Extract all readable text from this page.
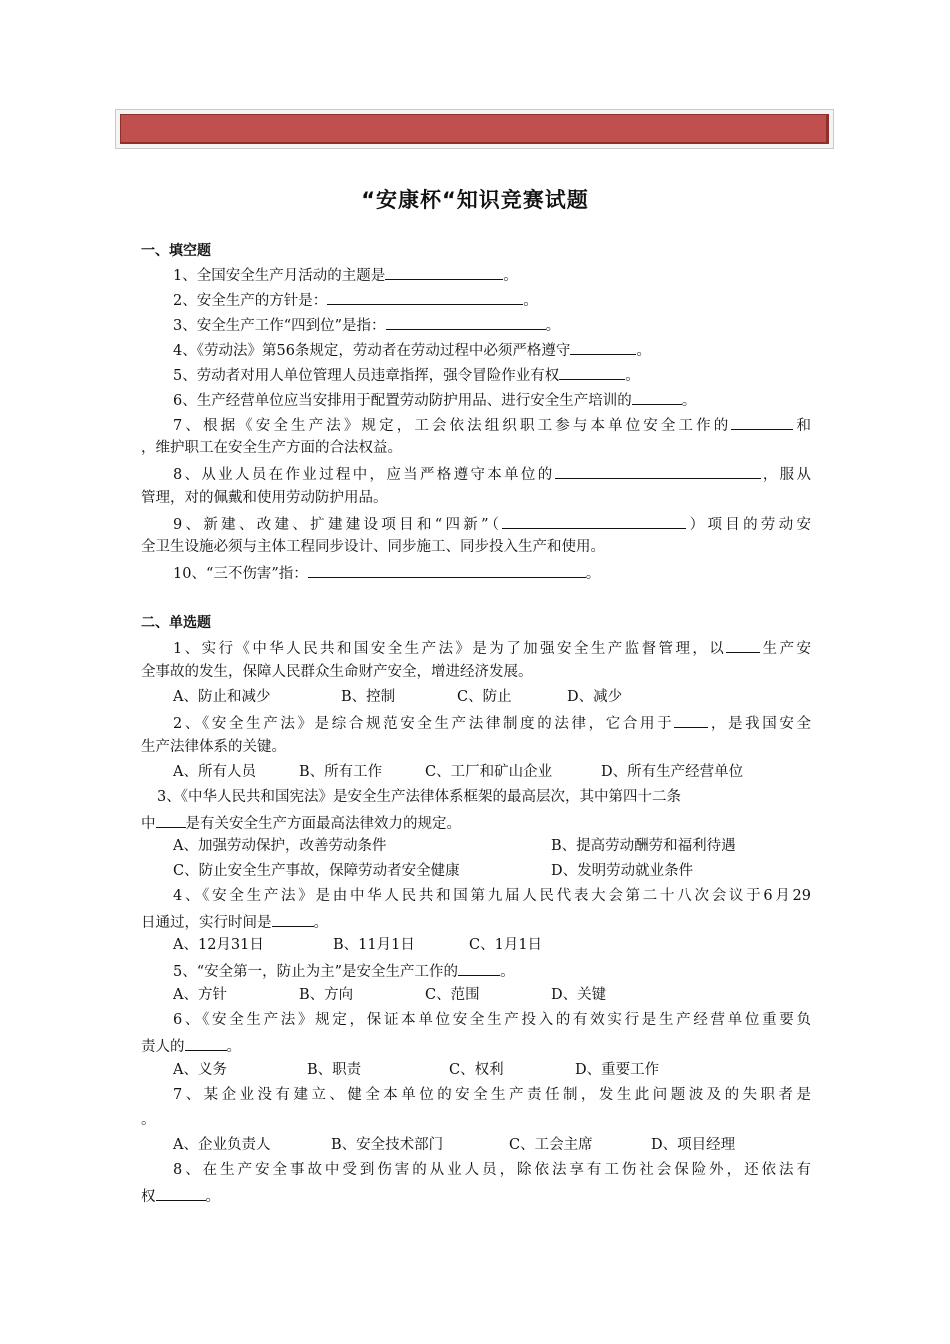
“安康杯“知识竞赛试题
一、填空题
1、全国安全生产月活动的主题是	。
2、安全生产的方针是：	。
3、安全生产工作“四到位”是指：	。
4、《劳动法》第56条规定，劳动者在劳动过程中必须严格遵守	。
5、劳动者对用人单位管理人员违章指挥，强令冒险作业有权	。
6、生产经营单位应当安排用于配置劳动防护用品、进行安全生产培训的	。
7、根据《安全生产法》规定，工会依法组织职工参与本单位安全工作的	和
，维护职工在安全生产方面的合法权益。
8、从业人员在作业过程中，应当严格遵守本单位的	，服从
管理，对的佩戴和使用劳动防护用品。
9、新建、改建、扩建建设项目和“四新”（	）项目的劳动安
全卫生设施必须与主体工程同步设计、同步施工、同步投入生产和使用。
10、“三不伤害”指：	。
二、单选题
1、实行《中华人民共和国安全生产法》是为了加强安全生产监督管理，以 生产安
全事故的发生，保障人民群众生命财产安全，增进经济发展。
A、防止和减少	B、控制	C、防止	D、减少
2、《安全生产法》是综合规范安全生产法律制度的法律，它合用于 ，是我国安全
生产法律体系的关键。
A、所有人员	B、所有工作	C、工厂和矿山企业	D、所有生产经营单位
3、《中华人民共和国宪法》是安全生产法律体系框架的最高层次，其中第四十二条
中 是有关安全生产方面最高法律效力的规定。
A、加强劳动保护，改善劳动条件	B、提高劳动酬劳和福利待遇
C、防止安全生产事故，保障劳动者安全健康	D、发明劳动就业条件
4、《安全生产法》是由中华人民共和国第九届人民代表大会第二十八次会议于6月29
日通过，实行时间是	。
A、12月31日	B、11月1日	C、1月1日
5、“安全第一，防止为主”是安全生产工作的	。
A、方针	B、方向	C、范围	D、关键
6、《安全生产法》规定，保证本单位安全生产投入的有效实行是生产经营单位重要负
责人的	。
A、义务	B、职责	C、权利	D、重要工作
7、某企业没有建立、健全本单位的安全生产责任制，发生此问题波及的失职者是
。
A、企业负责人	B、安全技术部门	C、工会主席	D、项目经理
8、在生产安全事故中受到伤害的从业人员，除依法享有工伤社会保险外，还依法有
权	。
